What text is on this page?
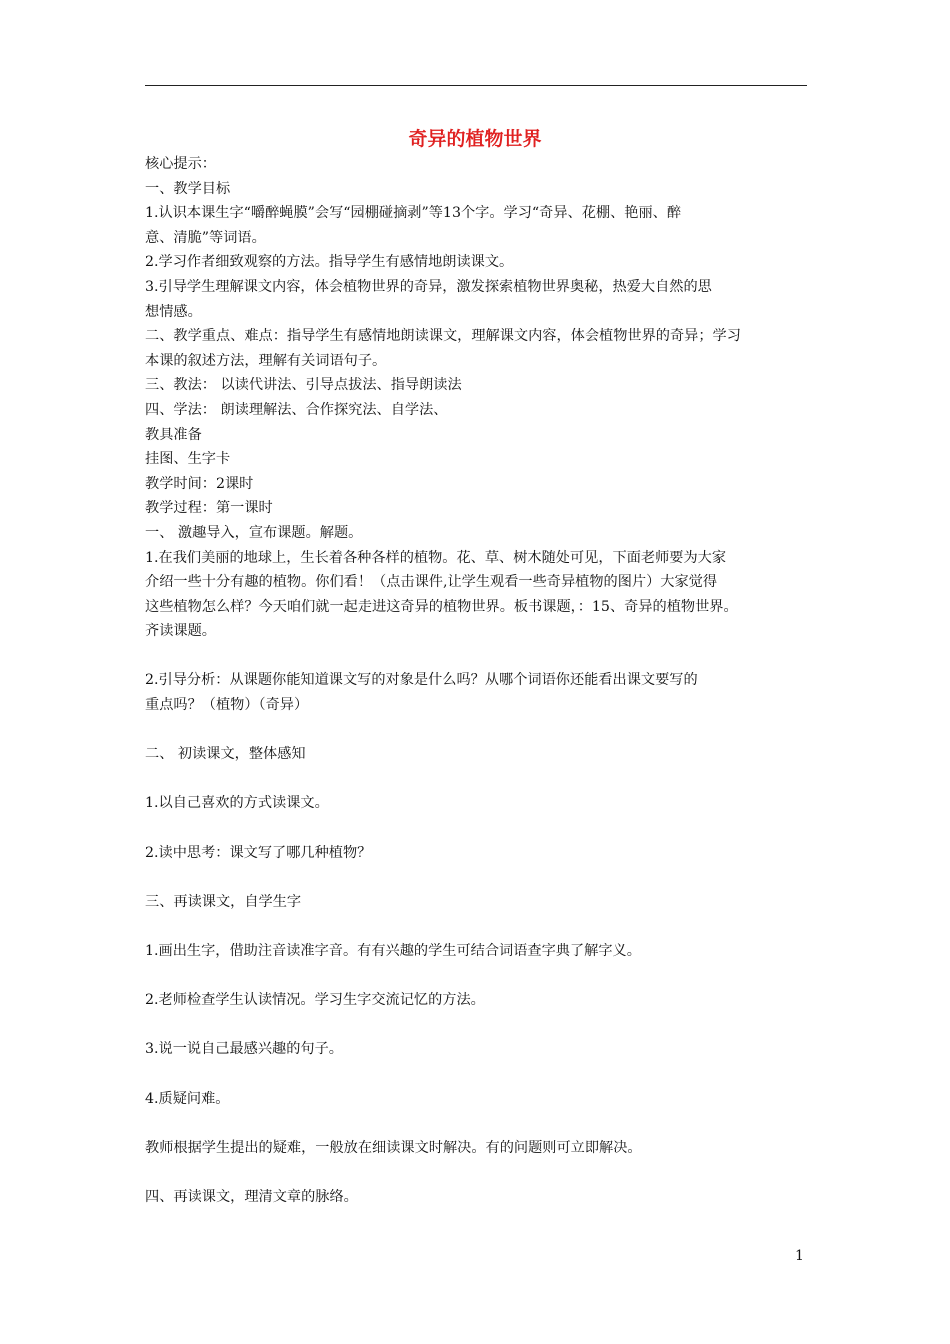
奇异的植物世界

核心提示：

一、教学目标

1.认识本课生字“嚼醉蝇膜”会写“园棚碰摘剥”等13个字。学习“奇异、花棚、艳丽、醉

意、清脆”等词语。

2.学习作者细致观察的方法。指导学生有感情地朗读课文。

3.引导学生理解课文内容，体会植物世界的奇异，激发探索植物世界奥秘，热爱大自然的思

想情感。

二、教学重点、难点：指导学生有感情地朗读课文，理解课文内容，体会植物世界的奇异；学习

本课的叙述方法，理解有关词语句子。

三、教法： 以读代讲法、引导点拔法、指导朗读法

四、学法： 朗读理解法、合作探究法、自学法、

教具准备

挂图、生字卡

教学时间：2课时

教学过程：第一课时

一、 激趣导入，宣布课题。解题。

1.在我们美丽的地球上，生长着各种各样的植物。花、草、树木随处可见，下面老师要为大家

介绍一些十分有趣的植物。你们看！（点击课件,让学生观看一些奇异植物的图片）大家觉得

这些植物怎么样？今天咱们就一起走进这奇异的植物世界。板书课题，：15、奇异的植物世界。

齐读课题。

2.引导分析：从课题你能知道课文写的对象是什么吗？从哪个词语你还能看出课文要写的

重点吗？（植物）（奇异）

二、 初读课文，整体感知

1.以自己喜欢的方式读课文。

2.读中思考：课文写了哪几种植物？

三、再读课文，自学生字

1.画出生字，借助注音读准字音。有有兴趣的学生可结合词语查字典了解字义。

2.老师检查学生认读情况。学习生字交流记忆的方法。

3.说一说自己最感兴趣的句子。

4.质疑问难。

教师根据学生提出的疑难，一般放在细读课文时解决。有的问题则可立即解决。

四、再读课文，理清文章的脉络。

1
